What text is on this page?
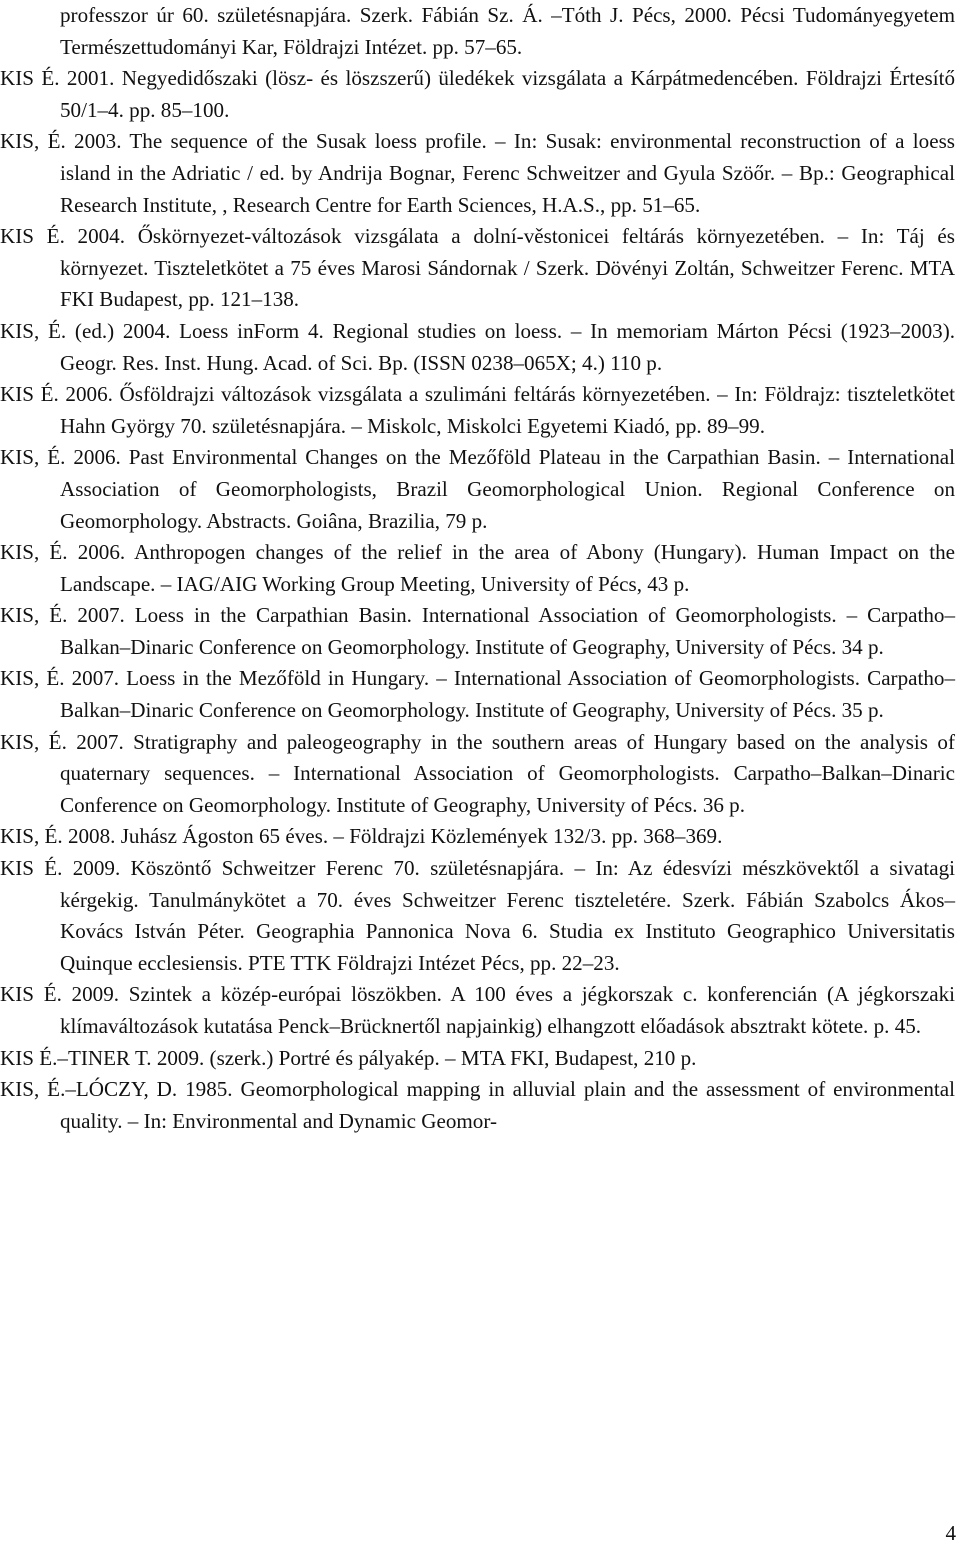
professzor úr 60. születésnapjára. Szerk. Fábián Sz. Á. –Tóth J. Pécs, 2000. Pécsi Tudományegyetem Természettudományi Kar, Földrajzi Intézet. pp. 57–65.

KIS É. 2001. Negyedidőszaki (lösz- és löszszerű) üledékek vizsgálata a Kárpátmedencében. Földrajzi Értesítő 50/1–4. pp. 85–100.

KIS, É. 2003. The sequence of the Susak loess profile. – In: Susak: environmental reconstruction of a loess island in the Adriatic / ed. by Andrija Bognar, Ferenc Schweitzer and Gyula Szöőr. – Bp.: Geographical Research Institute, , Research Centre for Earth Sciences, H.A.S., pp. 51–65.

KIS É. 2004. Őskörnyezet-változások vizsgálata a dolní-věstonicei feltárás környezetében. – In: Táj és környezet. Tiszteletkötet a 75 éves Marosi Sándornak / Szerk. Dövényi Zoltán, Schweitzer Ferenc. MTA FKI Budapest, pp. 121–138.

KIS, É. (ed.) 2004. Loess inForm 4. Regional studies on loess. – In memoriam Márton Pécsi (1923–2003). Geogr. Res. Inst. Hung. Acad. of Sci. Bp. (ISSN 0238–065X; 4.) 110 p.

KIS É. 2006. Ősföldrajzi változások vizsgálata a szulimáni feltárás környezetében. – In: Földrajz: tiszteletkötet Hahn György 70. születésnapjára. – Miskolc, Miskolci Egyetemi Kiadó, pp. 89–99.

KIS, É. 2006. Past Environmental Changes on the Mezőföld Plateau in the Carpathian Basin. – International Association of Geomorphologists, Brazil Geomorphological Union. Regional Conference on Geomorphology. Abstracts. Goiâna, Brazilia, 79 p.

KIS, É. 2006. Anthropogen changes of the relief in the area of Abony (Hungary). Human Impact on the Landscape. – IAG/AIG Working Group Meeting, University of Pécs, 43 p.

KIS, É. 2007. Loess in the Carpathian Basin. International Association of Geomorphologists. – Carpatho–Balkan–Dinaric Conference on Geomorphology. Institute of Geography, University of Pécs. 34 p.

KIS, É. 2007. Loess in the Mezőföld in Hungary. – International Association of Geomorphologists. Carpatho–Balkan–Dinaric Conference on Geomorphology. Institute of Geography, University of Pécs. 35 p.

KIS, É. 2007. Stratigraphy and paleogeography in the southern areas of Hungary based on the analysis of quaternary sequences. – International Association of Geomorphologists. Carpatho–Balkan–Dinaric Conference on Geomorphology. Institute of Geography, University of Pécs. 36 p.

KIS, É. 2008. Juhász Ágoston 65 éves. – Földrajzi Közlemények 132/3. pp. 368–369.

KIS É. 2009. Köszöntő Schweitzer Ferenc 70. születésnapjára. – In: Az édesvízi mészkövektől a sivatagi kérgekig. Tanulmánykötet a 70. éves Schweitzer Ferenc tiszteletére. Szerk. Fábián Szabolcs Ákos–Kovács István Péter. Geographia Pannonica Nova 6. Studia ex Instituto Geographico Universitatis Quinque ecclesiensis. PTE TTK Földrajzi Intézet Pécs, pp. 22–23.

KIS É. 2009. Szintek a közép-európai löszökben. A 100 éves a jégkorszak c. konferencián (A jégkorszaki klímaváltozások kutatása Penck–Brücknertől napjainkig) elhangzott előadások absztrakt kötete. p. 45.

KIS É.–TINER T. 2009. (szerk.) Portré és pályakép. – MTA FKI, Budapest, 210 p.

KIS, É.–LÓCZY, D. 1985. Geomorphological mapping in alluvial plain and the assessment of environmental quality. – In: Environmental and Dynamic Geomor-

4
